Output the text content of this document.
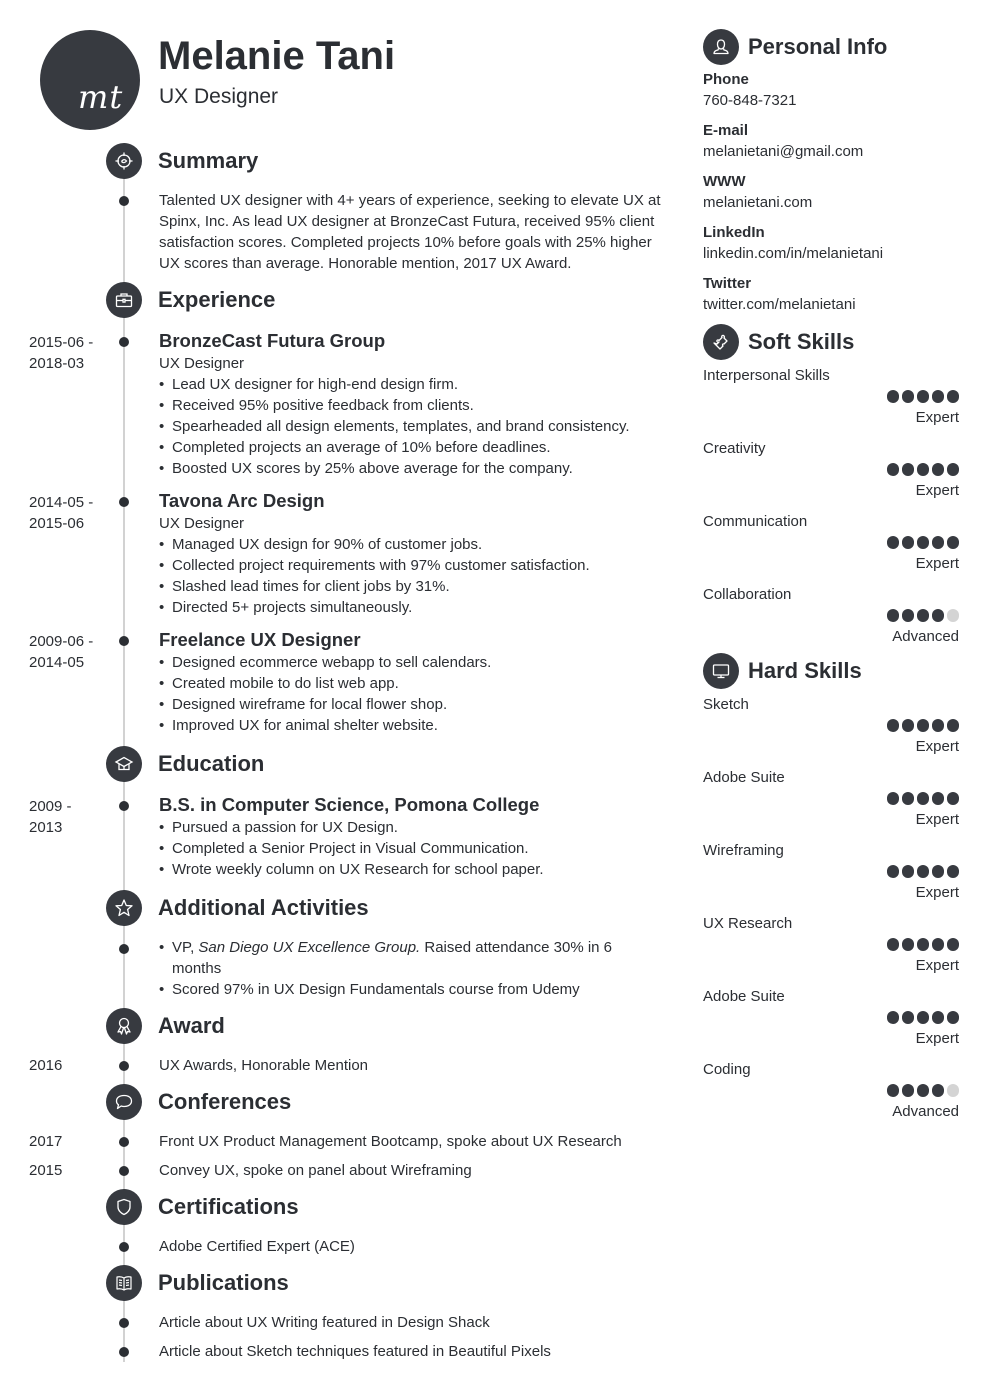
mt
Melanie Tani
UX Designer
Summary

Talented UX designer with 4+ years of experience, seeking to elevate UX at Spinx, Inc. As lead UX designer at BronzeCast Futura, received 95% client satisfaction scores. Completed projects 10% before goals with 25% higher UX scores than average. Honorable mention, 2017 UX Award.

Experience
2015-06 -
2018-03
BronzeCast Futura Group
UX Designer
• Lead UX designer for high-end design firm.
• Received 95% positive feedback from clients.
• Spearheaded all design elements, templates, and brand consistency.
• Completed projects an average of 10% before deadlines.
• Boosted UX scores by 25% above average for the company.
2014-05 -
2015-06
Tavona Arc Design
UX Designer
• Managed UX design for 90% of customer jobs.
• Collected project requirements with 97% customer satisfaction.
• Slashed lead times for client jobs by 31%.
• Directed 5+ projects simultaneously.
2009-06 -
2014-05
Freelance UX Designer
• Designed ecommerce webapp to sell calendars.
• Created mobile to do list web app.
• Designed wireframe for local flower shop.
• Improved UX for animal shelter website.
Education
2009 -
2013
B.S. in Computer Science, Pomona College
• Pursued a passion for UX Design.
• Completed a Senior Project in Visual Communication.
• Wrote weekly column on UX Research for school paper.
Additional Activities
• VP, San Diego UX Excellence Group. Raised attendance 30% in 6 months
• Scored 97% in UX Design Fundamentals course from Udemy
Award
2016	UX Awards, Honorable Mention
Conferences
2017	Front UX Product Management Bootcamp, spoke about UX Research
2015	Convey UX, spoke on panel about Wireframing
Certifications
Adobe Certified Expert (ACE)
Publications
Article about UX Writing featured in Design Shack
Article about Sketch techniques featured in Beautiful Pixels
Personal Info
Phone
760-848-7321
E-mail
melanietani@gmail.com
WWW
melanietani.com
LinkedIn
linkedin.com/in/melanietani
Twitter
twitter.com/melanietani
Soft Skills
Interpersonal Skills
Expert
Creativity
Expert
Communication
Expert
Collaboration
Advanced
Hard Skills
Sketch
Expert
Adobe Suite
Expert
Wireframing
Expert
UX Research
Expert
Adobe Suite
Expert
Coding
Advanced
